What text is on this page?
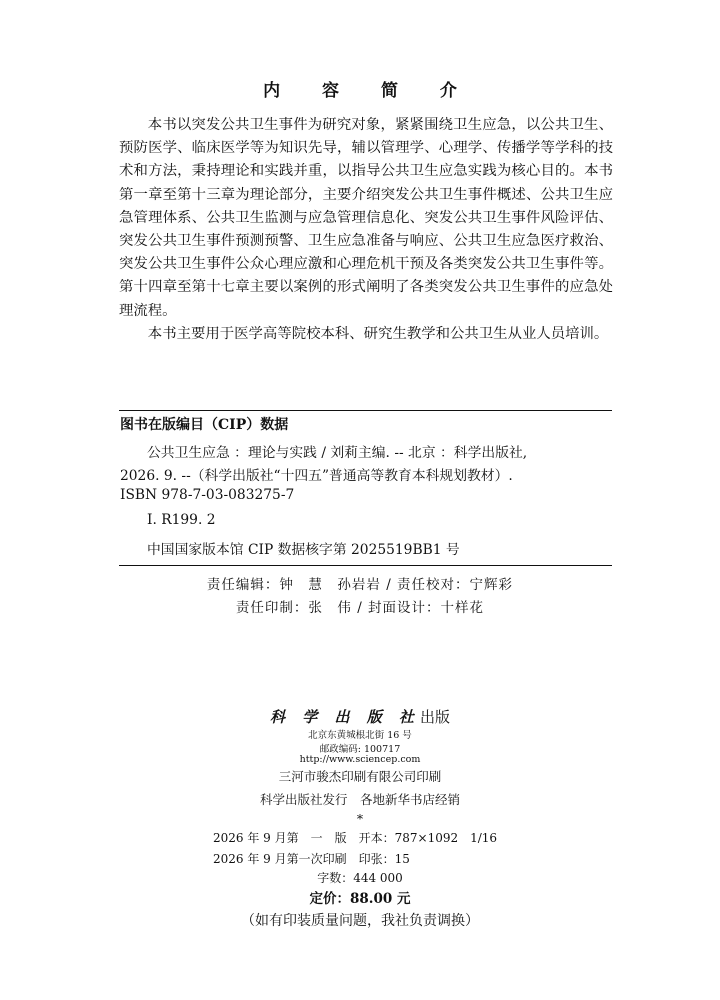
内 容 简 介

本书以突发公共卫生事件为研究对象，紧紧围绕卫生应急，以公共卫生、预防医学、临床医学等为知识先导，辅以管理学、心理学、传播学等学科的技术和方法，秉持理论和实践并重，以指导公共卫生应急实践为核心目的。本书第一章至第十三章为理论部分，主要介绍突发公共卫生事件概述、公共卫生应急管理体系、公共卫生监测与应急管理信息化、突发公共卫生事件风险评估、突发公共卫生事件预测预警、卫生应急准备与响应、公共卫生应急医疗救治、突发公共卫生事件公众心理应激和心理危机干预及各类突发公共卫生事件等。第十四章至第十七章主要以案例的形式阐明了各类突发公共卫生事件的应急处理流程。

本书主要用于医学高等院校本科、研究生教学和公共卫生从业人员培训。

图书在版编目（CIP）数据
公共卫生应急 ：理论与实践 / 刘莉主编. -- 北京 ：科学出版社,
2026. 9. --（科学出版社“十四五”普通高等教育本科规划教材）.
ISBN 978-7-03-083275-7
Ⅰ. R199. 2
中国国家版本馆 CIP 数据核字第 2025519BB1 号
责任编辑：钟　慧　孙岩岩 / 责任校对：宁辉彩
责任印制：张　伟 / 封面设计：十样花
科 学 出 版 社出版
北京东黄城根北街 16 号
邮政编码: 100717
http://www.sciencep.com
三河市骏杰印刷有限公司印刷
科学出版社发行　各地新华书店经销
*
2026 年 9 月第　一　版　开本：787×1092　1/16
2026 年 9 月第一次印刷　印张：15
字数：444 000
定价：88.00 元
（如有印装质量问题，我社负责调换）
